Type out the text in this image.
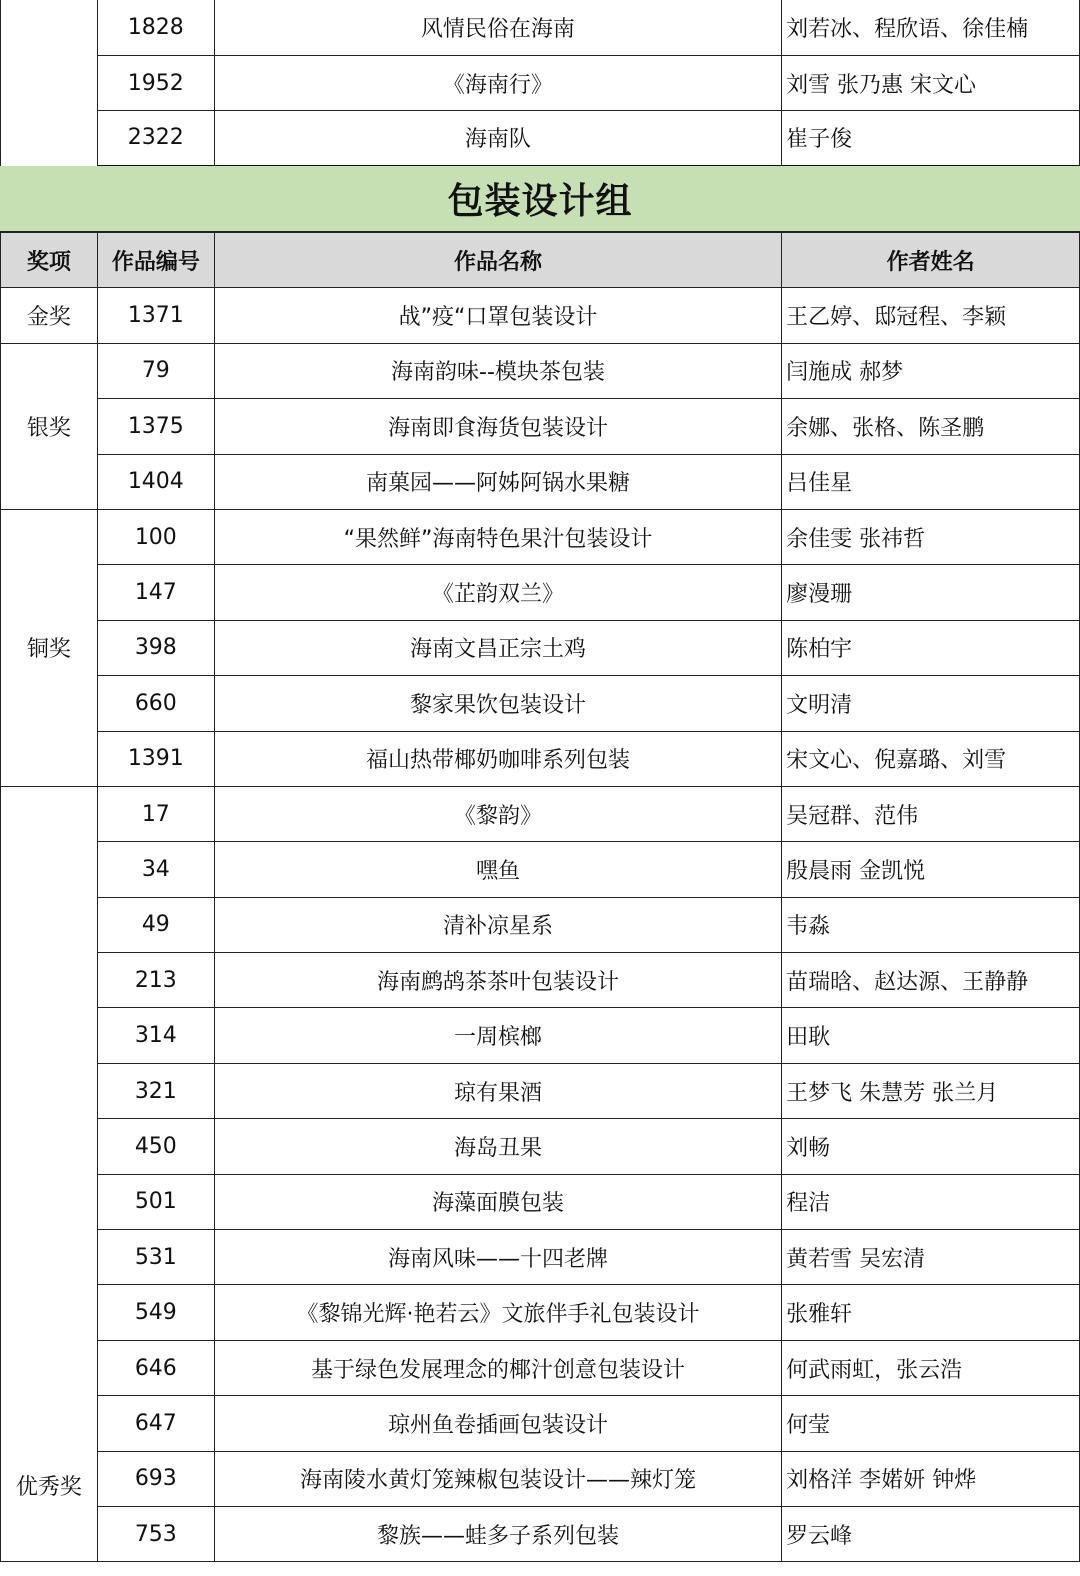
	1828	风情民俗在海南	刘若冰、程欣语、徐佳楠
	1952	《海南行》	刘雪 张乃惠 宋文心
	2322	海南队	崔子俊
包装设计组
奖项	作品编号	作品名称	作者姓名
金奖	1371	战”疫“口罩包装设计	王乙婷、邸冠程、李颖
银奖	79	海南韵味--模块茶包装	闫施成 郝梦
	1375	海南即食海货包装设计	余娜、张格、陈圣鹏
	1404	南菓园——阿姊阿锅水果糖	吕佳星
铜奖	100	“果然鲜”海南特色果汁包装设计	余佳雯 张祎哲
	147	《芷韵双兰》	廖漫珊
	398	海南文昌正宗土鸡	陈柏宇
	660	黎家果饮包装设计	文明清
	1391	福山热带椰奶咖啡系列包装	宋文心、倪嘉璐、刘雪
优秀奖	17	《黎韵》	吴冠群、范伟
	34	嘿鱼	殷晨雨 金凯悦
	49	清补凉星系	韦淼
	213	海南鹧鸪茶茶叶包装设计	苗瑞晗、赵达源、王静静
	314	一周槟榔	田耿
	321	琼有果酒	王梦飞 朱慧芳 张兰月
	450	海岛丑果	刘畅
	501	海藻面膜包装	程洁
	531	海南风味——十四老牌	黄若雪 吴宏清
	549	《黎锦光辉·艳若云》文旅伴手礼包装设计	张雅轩
	646	基于绿色发展理念的椰汁创意包装设计	何武雨虹，张云浩
	647	琼州鱼卷插画包装设计	何莹
	693	海南陵水黄灯笼辣椒包装设计——辣灯笼	刘格洋 李婼妍 钟烨
	753	黎族——蛙多子系列包装	罗云峰
